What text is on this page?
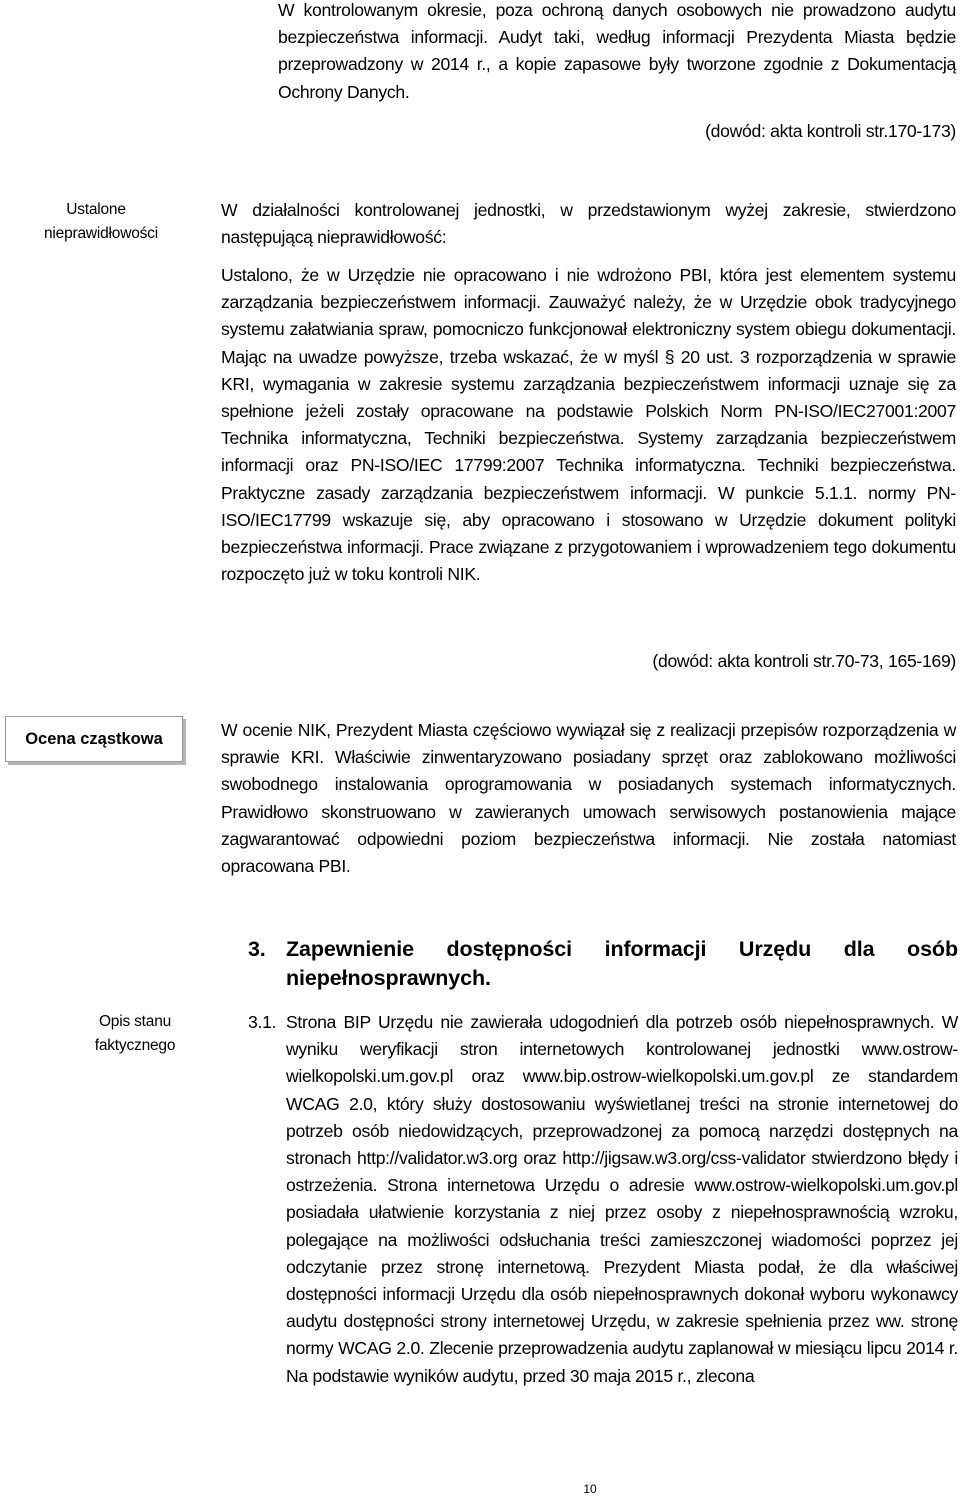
W kontrolowanym okresie, poza ochroną danych osobowych nie prowadzono audytu bezpieczeństwa informacji. Audyt taki, według informacji Prezydenta Miasta będzie przeprowadzony w 2014 r., a kopie zapasowe były tworzone zgodnie z Dokumentacją Ochrony Danych.

(dowód: akta kontroli str.170-173)
Ustalone nieprawidłowości

W działalności kontrolowanej jednostki, w przedstawionym wyżej zakresie, stwierdzono następującą nieprawidłowość:

Ustalono, że w Urzędzie nie opracowano i nie wdrożono PBI, która jest elementem systemu zarządzania bezpieczeństwem informacji. Zauważyć należy, że w Urzędzie obok tradycyjnego systemu załatwiania spraw, pomocniczo funkcjonował elektroniczny system obiegu dokumentacji. Mając na uwadze powyższe, trzeba wskazać, że w myśl § 20 ust. 3 rozporządzenia w sprawie KRI, wymagania w zakresie systemu zarządzania bezpieczeństwem informacji uznaje się za spełnione jeżeli zostały opracowane na podstawie Polskich Norm PN-ISO/IEC27001:2007 Technika informatyczna, Techniki bezpieczeństwa. Systemy zarządzania bezpieczeństwem informacji oraz PN-ISO/IEC 17799:2007 Technika informatyczna. Techniki bezpieczeństwa. Praktyczne zasady zarządzania bezpieczeństwem informacji. W punkcie 5.1.1. normy PN-ISO/IEC17799 wskazuje się, aby opracowano i stosowano w Urzędzie dokument polityki bezpieczeństwa informacji. Prace związane z przygotowaniem i wprowadzeniem tego dokumentu rozpoczęto już w toku kontroli NIK.

(dowód: akta kontroli str.70-73, 165-169)
Ocena cząstkowa	W ocenie NIK, Prezydent Miasta częściowo wywiązał się z realizacji przepisów rozporządzenia w sprawie KRI. Właściwie zinwentaryzowano posiadany sprzęt oraz zablokowano możliwości swobodnego instalowania oprogramowania w posiadanych systemach informatycznych. Prawidłowo skonstruowano w zawieranych umowach serwisowych postanowienia mające zagwarantować odpowiedni poziom bezpieczeństwa informacji. Nie została natomiast opracowana PBI.

3. Zapewnienie dostępności informacji Urzędu dla osób niepełnosprawnych.

Opis stanu faktycznego
3.1. Strona BIP Urzędu nie zawierała udogodnień dla potrzeb osób niepełnosprawnych. W wyniku weryfikacji stron internetowych kontrolowanej jednostki www.ostrow-wielkopolski.um.gov.pl oraz www.bip.ostrow-wielkopolski.um.gov.pl ze standardem WCAG 2.0, który służy dostosowaniu wyświetlanej treści na stronie internetowej do potrzeb osób niedowidzących, przeprowadzonej za pomocą narzędzi dostępnych na stronach http://validator.w3.org oraz http://jigsaw.w3.org/css-validator stwierdzono błędy i ostrzeżenia. Strona internetowa Urzędu o adresie www.ostrow-wielkopolski.um.gov.pl posiadała ułatwienie korzystania z niej przez osoby z niepełnosprawnością wzroku, polegające na możliwości odsłuchania treści zamieszczonej wiadomości poprzez jej odczytanie przez stronę internetową. Prezydent Miasta podał, że dla właściwej dostępności informacji Urzędu dla osób niepełnosprawnych dokonał wyboru wykonawcy audytu dostępności strony internetowej Urzędu, w zakresie spełnienia przez ww. stronę normy WCAG 2.0. Zlecenie przeprowadzenia audytu zaplanował w miesiącu lipcu 2014 r. Na podstawie wyników audytu, przed 30 maja 2015 r., zlecona

10
